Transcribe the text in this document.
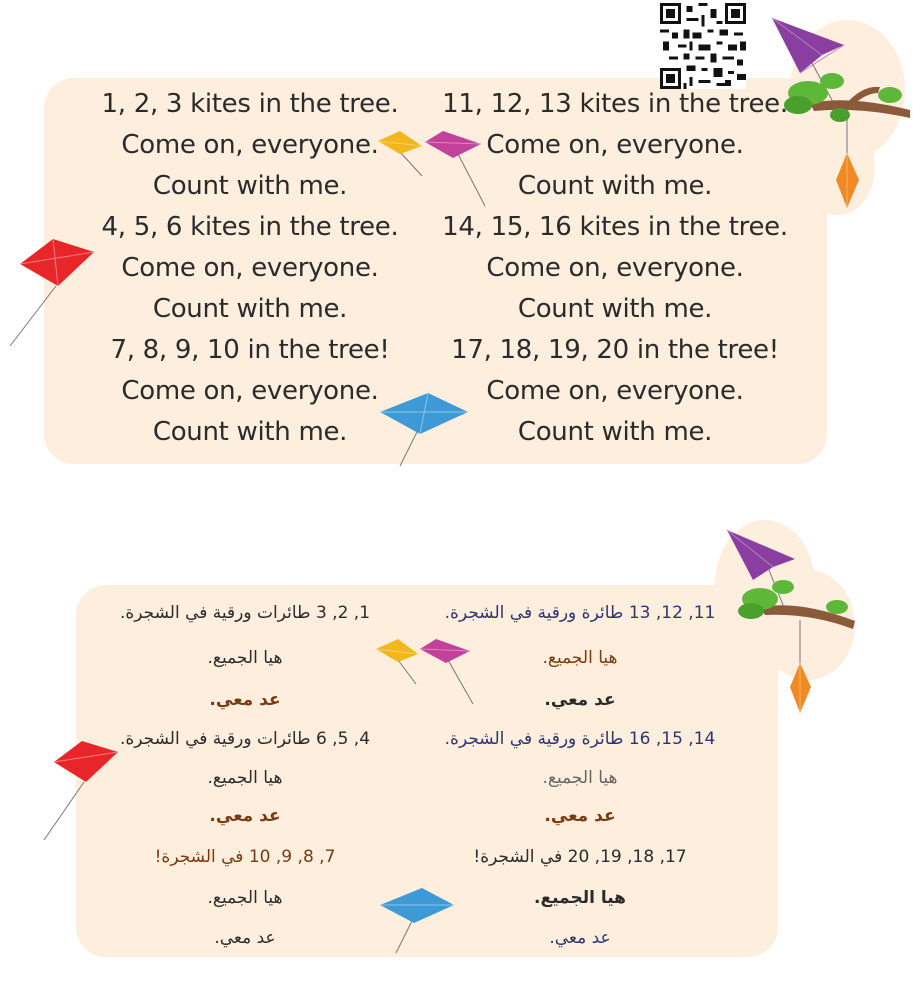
1, 2, 3 kites in the tree.
Come on, everyone.
Count with me.
4, 5, 6 kites in the tree.
Come on, everyone.
Count with me.
7, 8, 9, 10 in the tree!
Come on, everyone.
Count with me.
11, 12, 13 kites in the tree.
Come on, everyone.
Count with me.
14, 15, 16 kites in the tree.
Come on, everyone.
Count with me.
17, 18, 19, 20 in the tree!
Come on, everyone.
Count with me.
1, 2, 3 طائرات ورقية في الشجرة.
هيا الجميع.
عد معي.
4, 5, 6 طائرات ورقية في الشجرة.
هيا الجميع.
عد معي.
7, 8, 9, 10 في الشجرة!
هيا الجميع.
عد معي.
11, 12, 13 طائرة ورقية في الشجرة.
هيا الجميع.
عد معي.
14, 15, 16 طائرة ورقية في الشجرة.
هيا الجميع.
عد معي.
17, 18, 19, 20 في الشجرة!
هيا الجميع.
عد معي.
